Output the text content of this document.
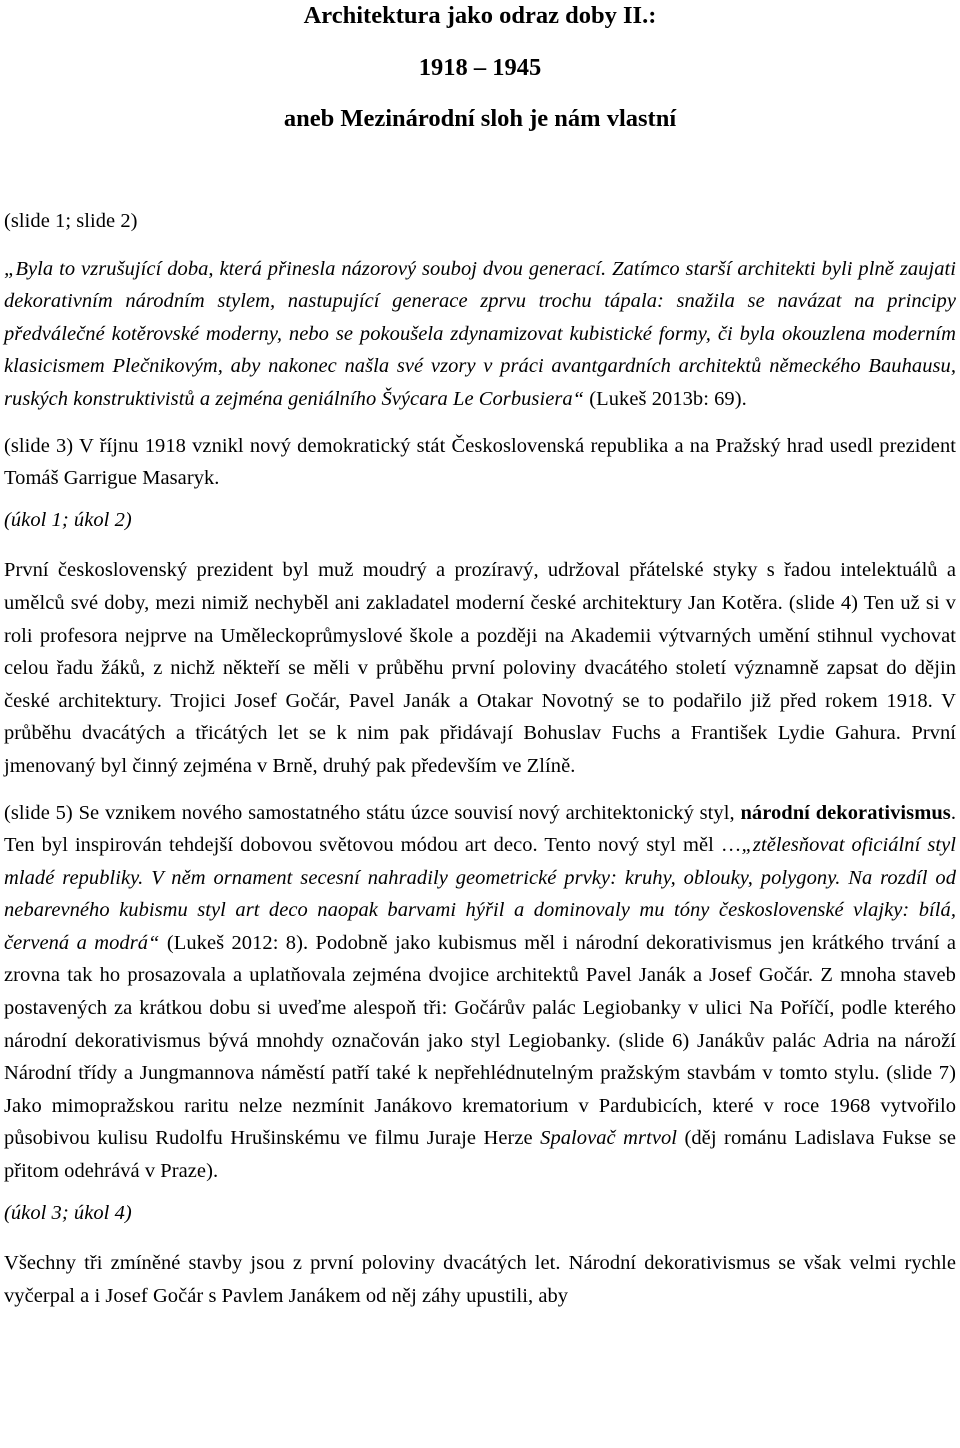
Architektura jako odraz doby II.:
1918 – 1945
aneb Mezinárodní sloh je nám vlastní

(slide 1; slide 2)

„Byla to vzrušující doba, která přinesla názorový souboj dvou generací. Zatímco starší architekti byli plně zaujati dekorativním národním stylem, nastupující generace zprvu trochu tápala: snažila se navázat na principy předválečné kotěrovské moderny, nebo se pokoušela zdynamizovat kubistické formy, či byla okouzlena moderním klasicismem Plečnikovým, aby nakonec našla své vzory v práci avantgardních architektů německého Bauhausu, ruských konstruktivistů a zejména geniálního Švýcara Le Corbusiera“ (Lukeš 2013b: 69).

(slide 3) V říjnu 1918 vznikl nový demokratický stát Československá republika a na Pražský hrad usedl prezident Tomáš Garrigue Masaryk.

(úkol 1; úkol 2)

První československý prezident byl muž moudrý a prozíravý, udržoval přátelské styky s řadou intelektuálů a umělců své doby, mezi nimiž nechyběl ani zakladatel moderní české architektury Jan Kotěra. (slide 4) Ten už si v roli profesora nejprve na Uměleckoprůmyslové škole a později na Akademii výtvarných umění stihnul vychovat celou řadu žáků, z nichž někteří se měli v průběhu první poloviny dvacátého století významně zapsat do dějin české architektury. Trojici Josef Gočár, Pavel Janák a Otakar Novotný se to podařilo již před rokem 1918. V průběhu dvacátých a třicátých let se k nim pak přidávají Bohuslav Fuchs a František Lydie Gahura. První jmenovaný byl činný zejména v Brně, druhý pak především ve Zlíně.

(slide 5) Se vznikem nového samostatného státu úzce souvisí nový architektonický styl, národní dekorativismus. Ten byl inspirován tehdejší dobovou světovou módou art deco. Tento nový styl měl …„ztělesňovat oficiální styl mladé republiky. V něm ornament secesní nahradily geometrické prvky: kruhy, oblouky, polygony. Na rozdíl od nebarevného kubismu styl art deco naopak barvami hýřil a dominovaly mu tóny československé vlajky: bílá, červená a modrá“ (Lukeš 2012: 8). Podobně jako kubismus měl i národní dekorativismus jen krátkého trvání a zrovna tak ho prosazovala a uplatňovala zejména dvojice architektů Pavel Janák a Josef Gočár. Z mnoha staveb postavených za krátkou dobu si uveďme alespoň tři: Gočárův palác Legiobanky v ulici Na Poříčí, podle kterého národní dekorativismus bývá mnohdy označován jako styl Legiobanky. (slide 6) Janákův palác Adria na nároží Národní třídy a Jungmannova náměstí patří také k nepřehlédnutelným pražským stavbám v tomto stylu. (slide 7) Jako mimopražskou raritu nelze nezmínit Janákovo krematorium v Pardubicích, které v roce 1968 vytvořilo působivou kulisu Rudolfu Hrušinskému ve filmu Juraje Herze Spalovač mrtvol (děj románu Ladislava Fukse se přitom odehrává v Praze).

(úkol 3; úkol 4)

Všechny tři zmíněné stavby jsou z první poloviny dvacátých let. Národní dekorativismus se však velmi rychle vyčerpal a i Josef Gočár s Pavlem Janákem od něj záhy upustili, aby
